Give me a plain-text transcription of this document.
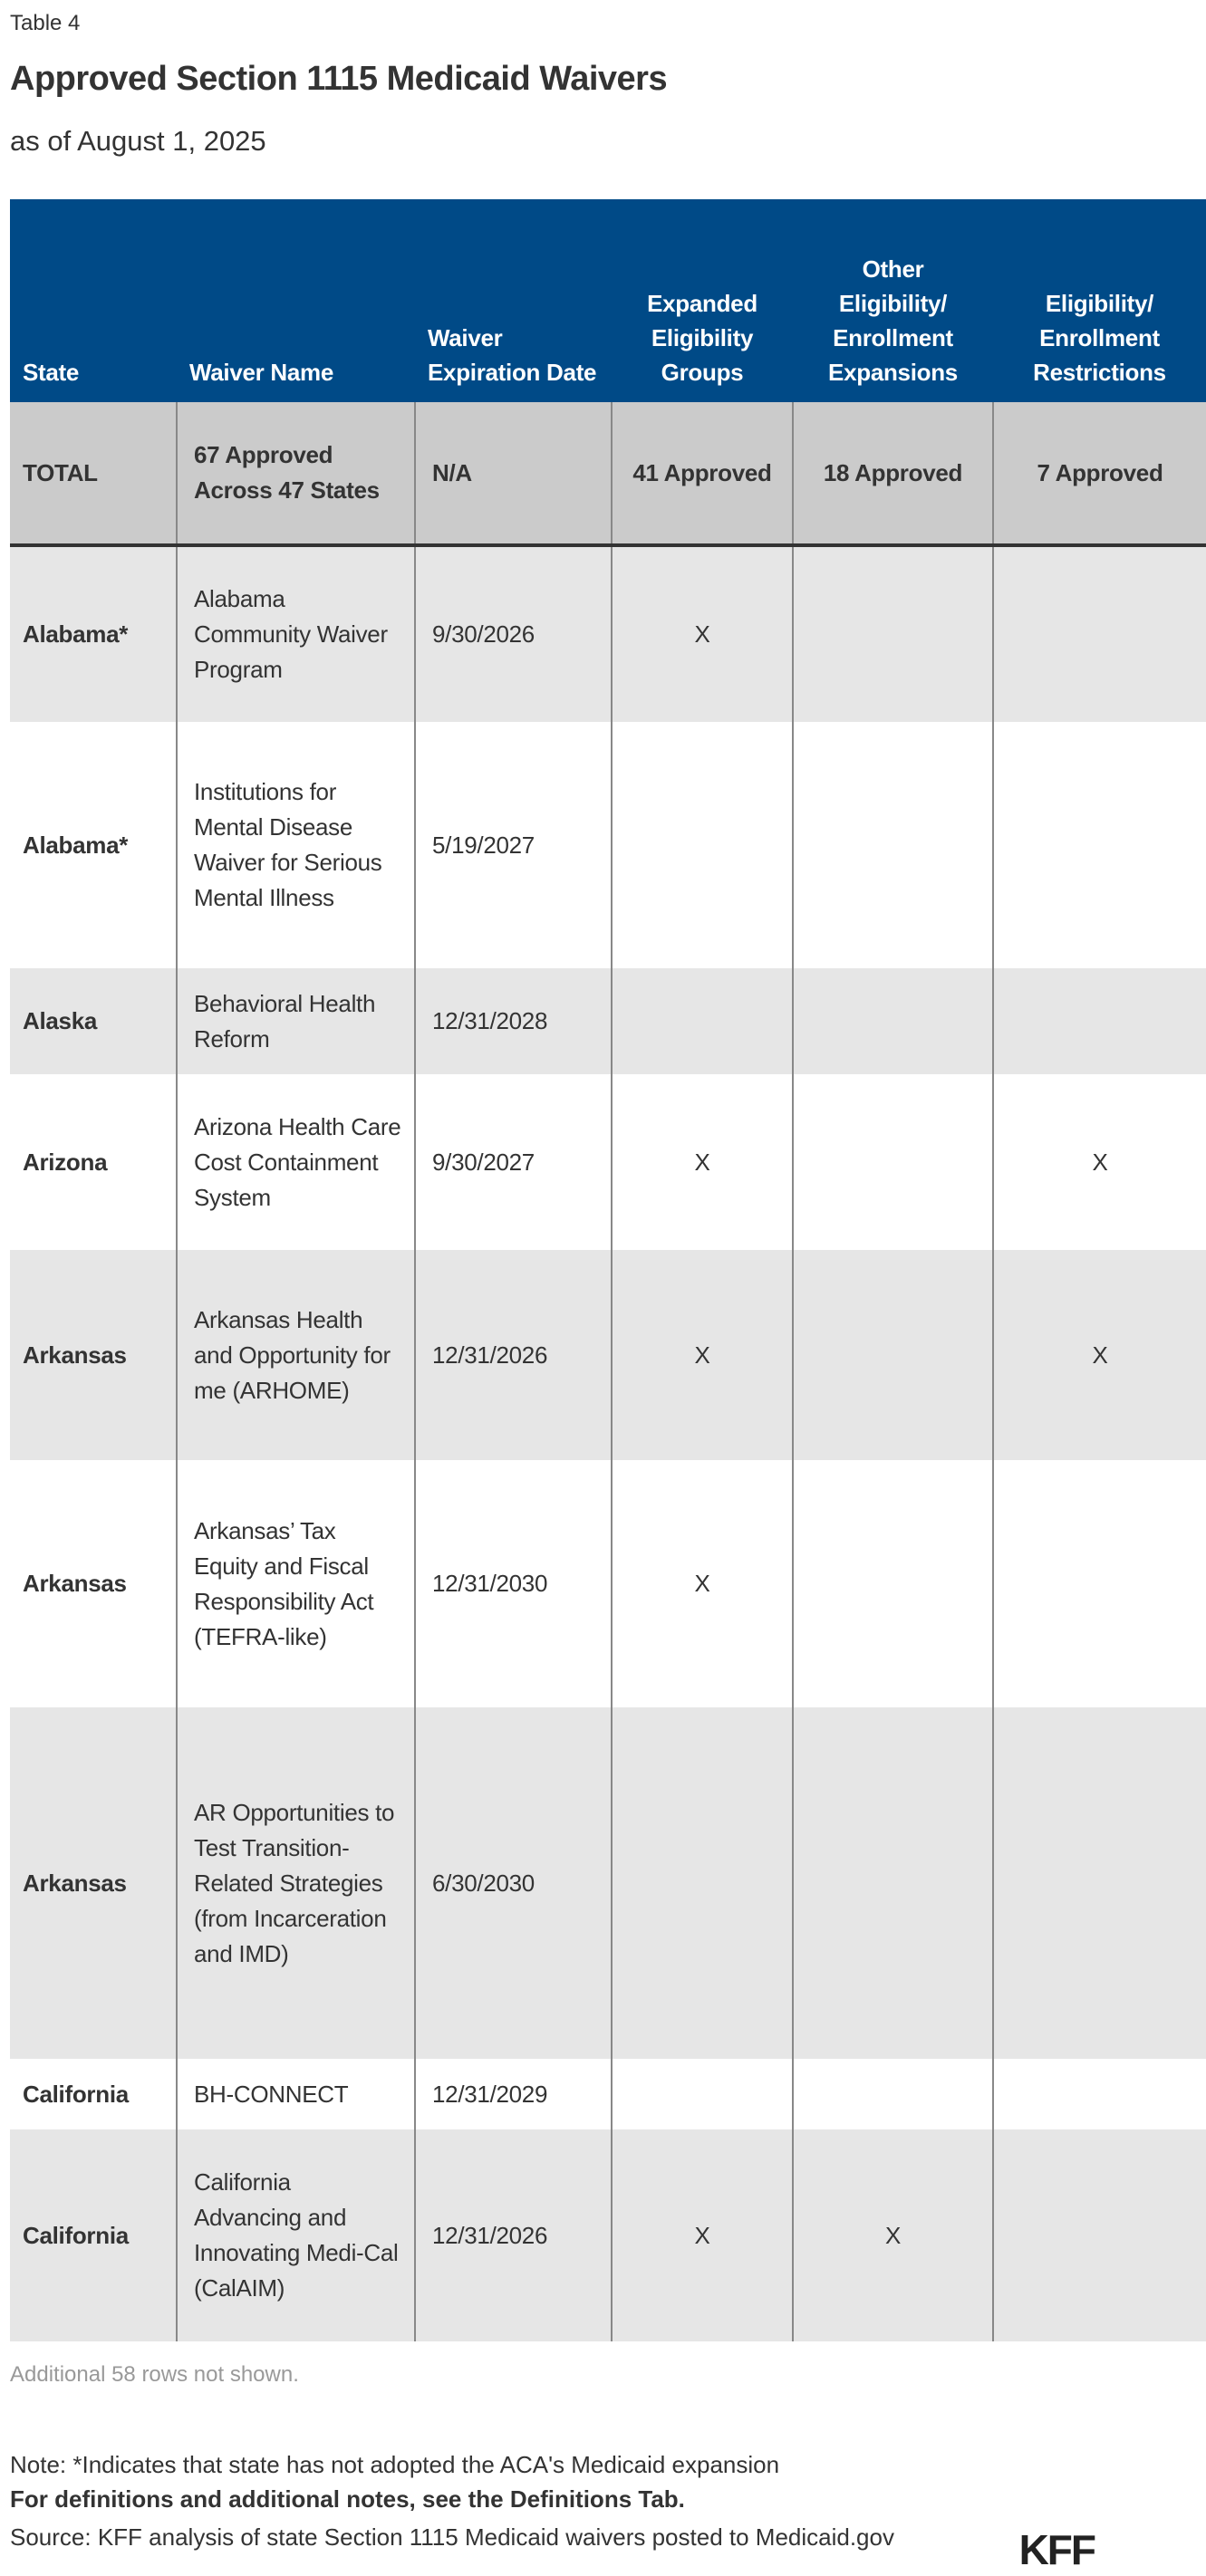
Table 4
Approved Section 1115 Medicaid Waivers
as of August 1, 2025
State	Waiver Name	Waiver Expiration Date	Expanded Eligibility Groups	Other Eligibility/ Enrollment Expansions	Eligibility/ Enrollment Restrictions
TOTAL	67 Approved Across 47 States	N/A	41 Approved	18 Approved	7 Approved
Alabama*	Alabama Community Waiver Program	9/30/2026	X		
Alabama*	Institutions for Mental Disease Waiver for Serious Mental Illness	5/19/2027			
Alaska	Behavioral Health Reform	12/31/2028			
Arizona	Arizona Health Care Cost Containment System	9/30/2027	X		X
Arkansas	Arkansas Health and Opportunity for me (ARHOME)	12/31/2026	X		X
Arkansas	Arkansas’ Tax Equity and Fiscal Responsibility Act (TEFRA-like)	12/31/2030	X		
Arkansas	AR Opportunities to Test Transition-Related Strategies (from Incarceration and IMD)	6/30/2030			
California	BH-CONNECT	12/31/2029			
California	California Advancing and Innovating Medi-Cal (CalAIM)	12/31/2026	X	X	
Additional 58 rows not shown.
Note: *Indicates that state has not adopted the ACA's Medicaid expansion
For definitions and additional notes, see the Definitions Tab.
Source: KFF analysis of state Section 1115 Medicaid waivers posted to Medicaid.gov	KFF
